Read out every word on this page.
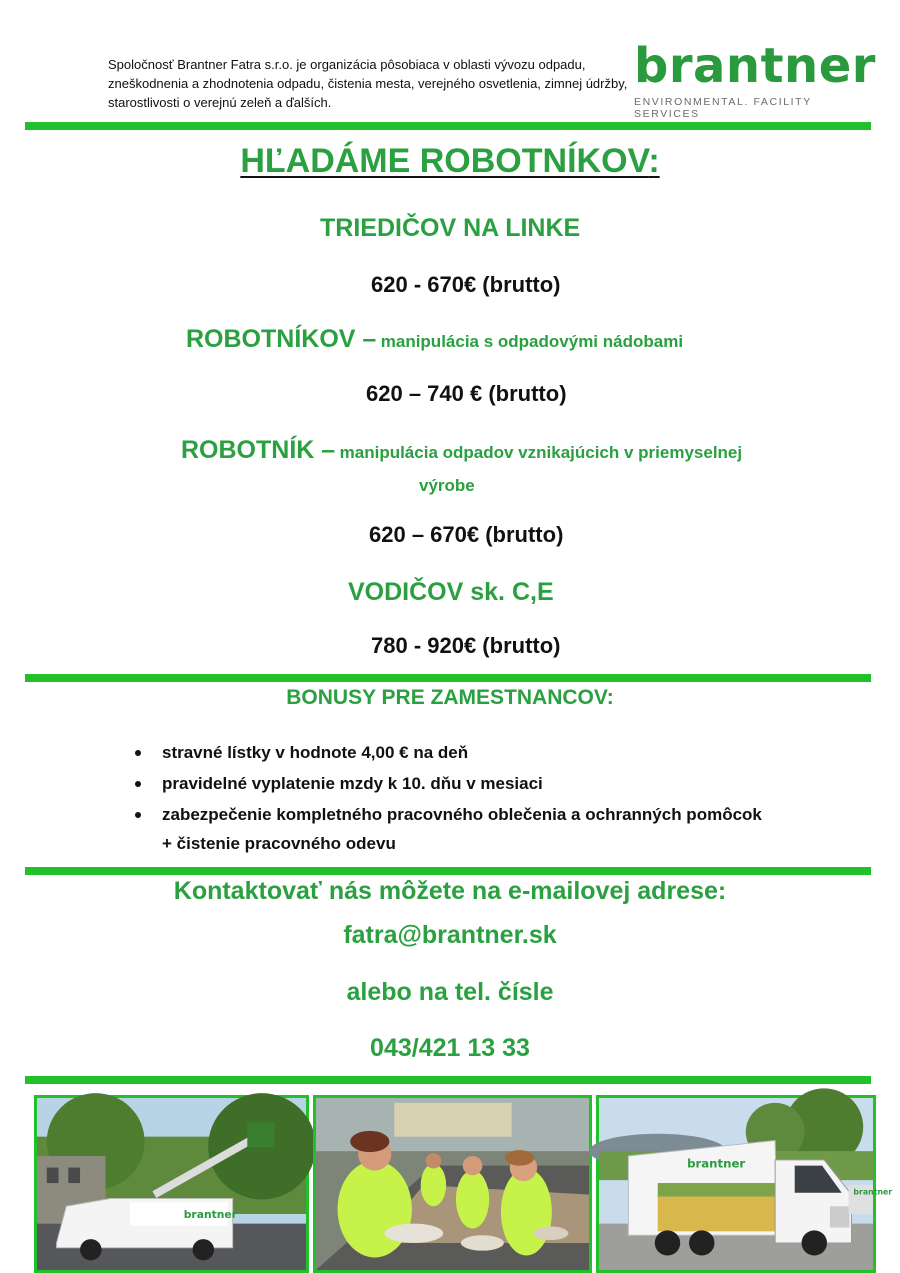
Spoločnosť Brantner Fatra s.r.o. je organizácia pôsobiaca v oblasti vývozu odpadu, zneškodnenia a zhodnotenia odpadu, čistenia mesta, verejného osvetlenia, zimnej údržby, starostlivosti o verejnú zeleň a ďalších.
brantner
ENVIRONMENTAL. FACILITY SERVICES
HĽADÁME ROBOTNÍKOV:
TRIEDIČOV NA LINKE
620 - 670€ (brutto)
ROBOTNÍKOV – manipulácia s odpadovými nádobami
620 – 740 € (brutto)
ROBOTNÍK – manipulácia odpadov vznikajúcich v priemyselnej
výrobe
620 – 670€ (brutto)
VODIČOV sk. C,E
780 - 920€ (brutto)
BONUSY PRE ZAMESTNANCOV:
stravné lístky v hodnote 4,00 € na deň
pravidelné vyplatenie mzdy k 10. dňu v mesiaci
zabezpečenie kompletného pracovného oblečenia a ochranných pomôcok + čistenie pracovného odevu
Kontaktovať nás môžete na e-mailovej adrese:
fatra@brantner.sk
alebo na tel. čísle
043/421 13 33
brantner
brantner
brantner
